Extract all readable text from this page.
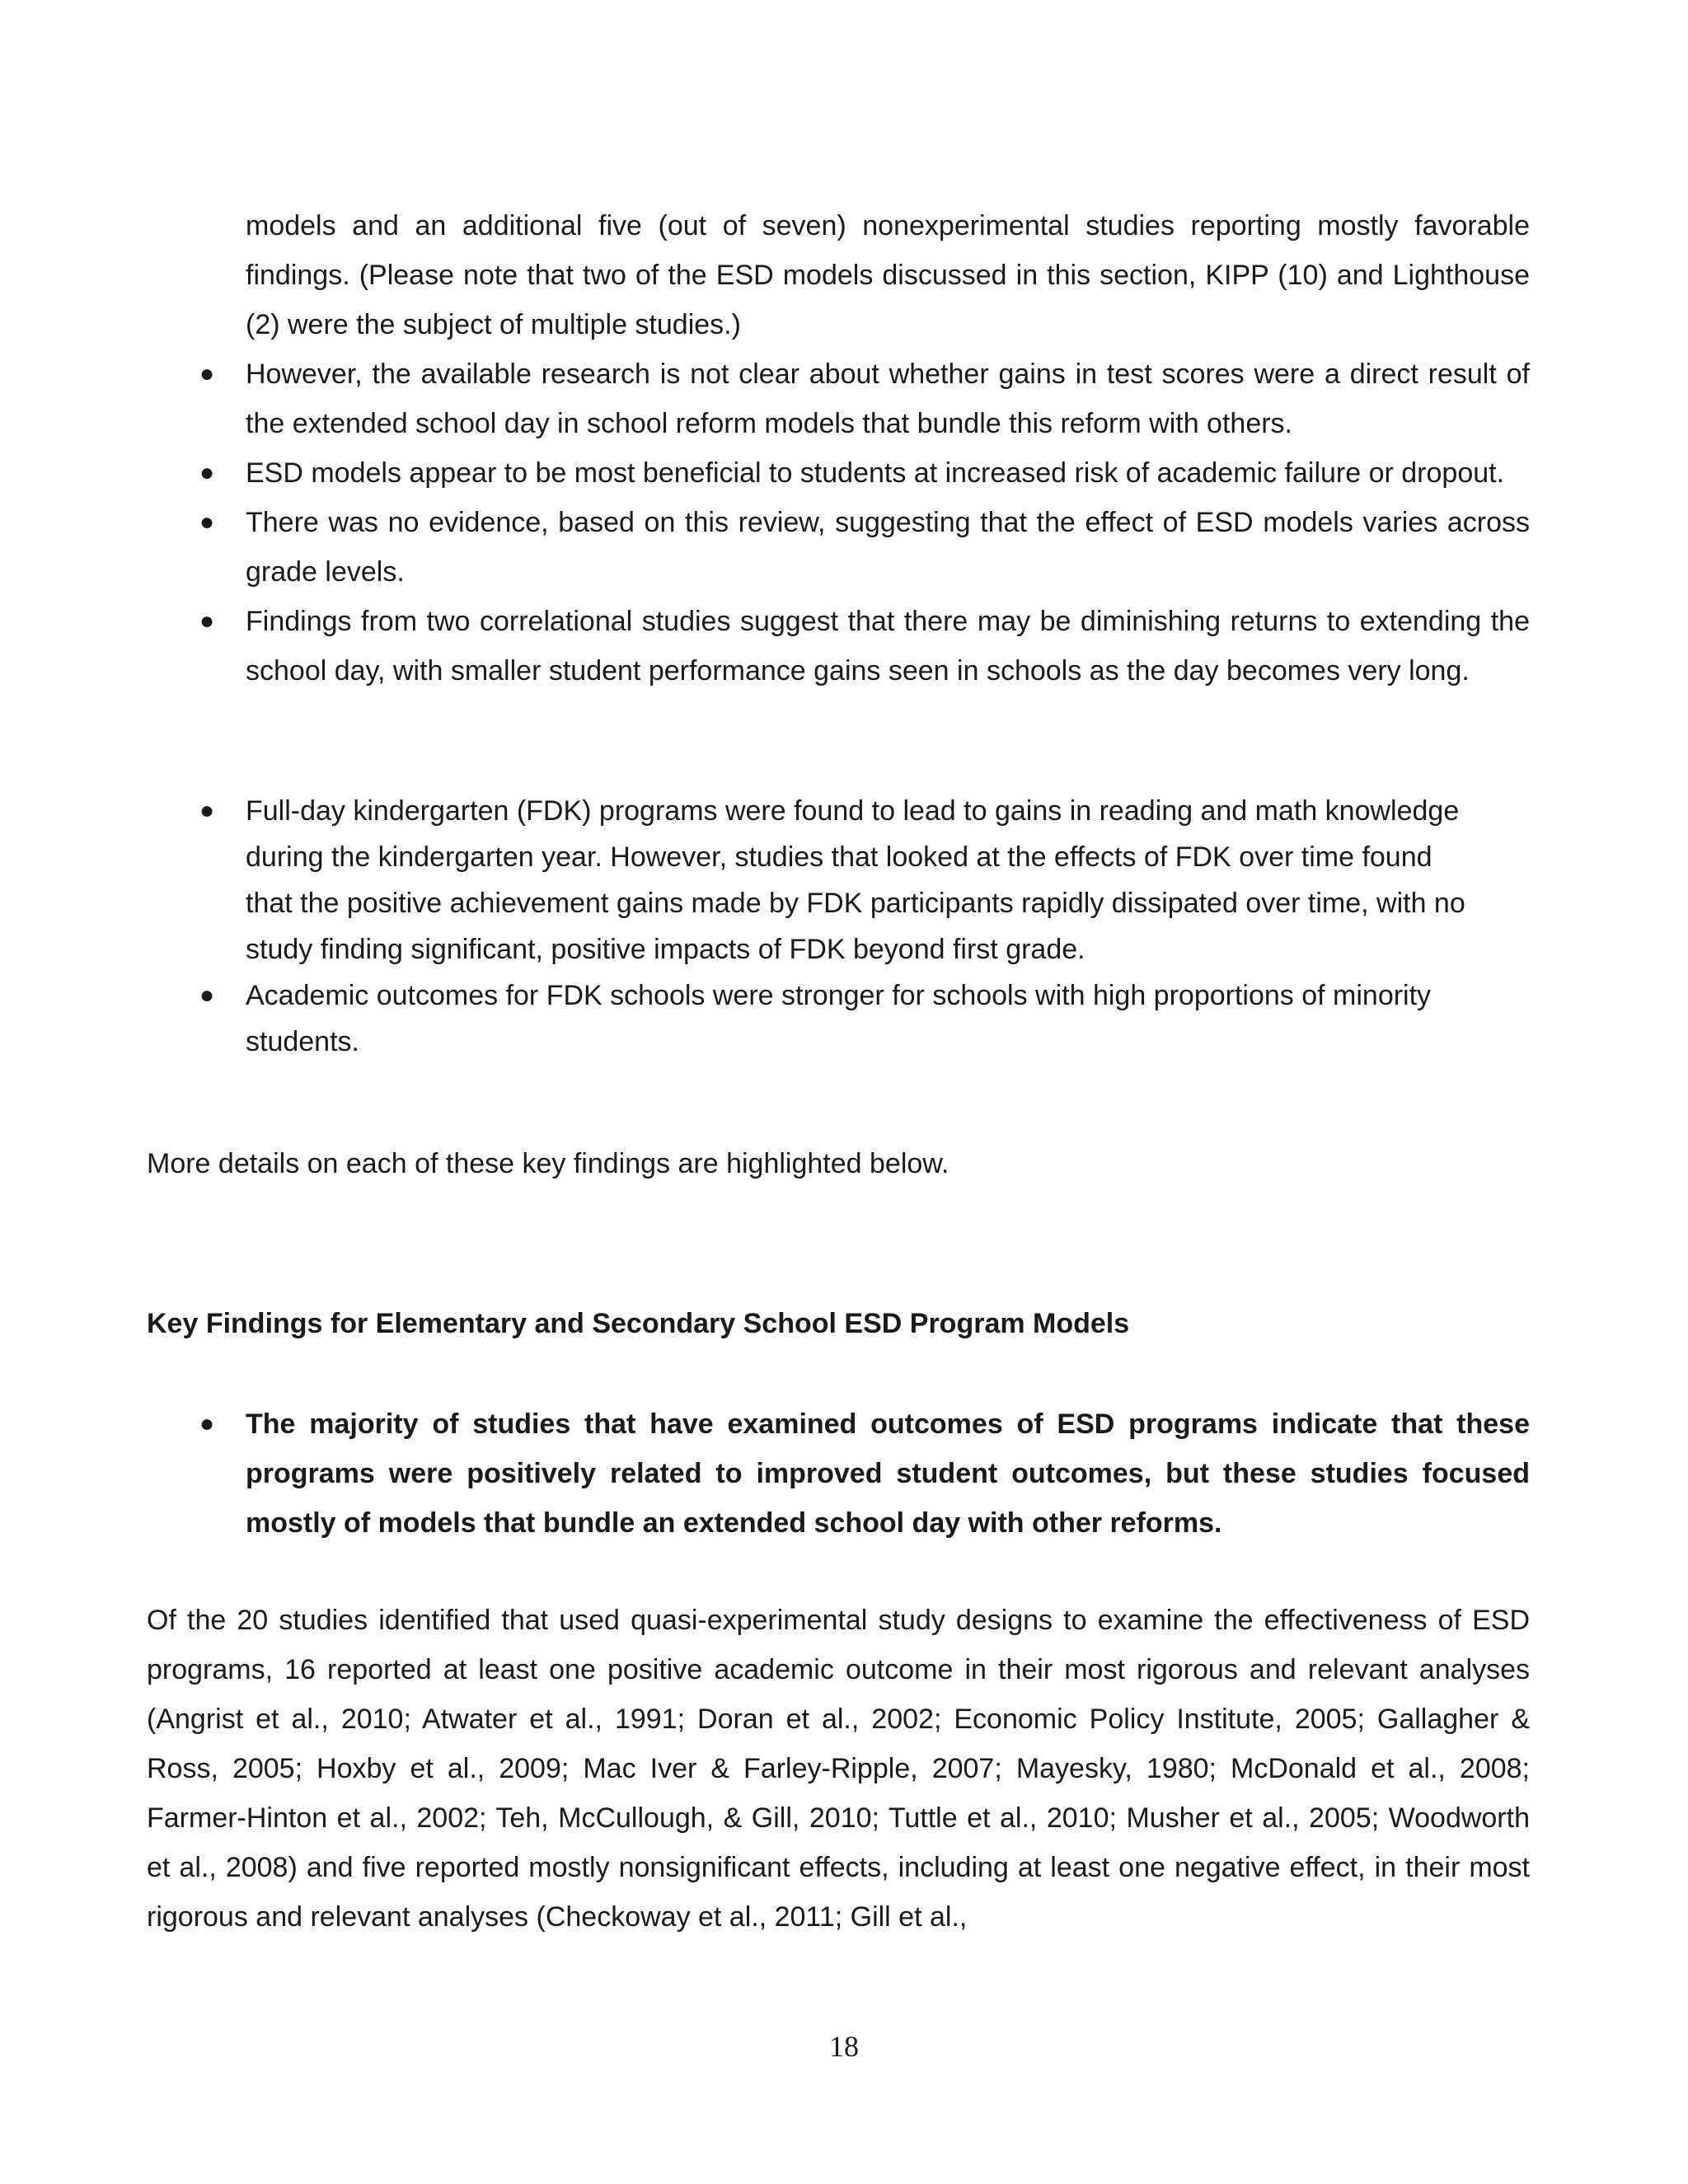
models and an additional five (out of seven) nonexperimental studies reporting mostly favorable findings. (Please note that two of the ESD models discussed in this section, KIPP (10) and Lighthouse (2) were the subject of multiple studies.)
● However, the available research is not clear about whether gains in test scores were a direct result of the extended school day in school reform models that bundle this reform with others.
● ESD models appear to be most beneficial to students at increased risk of academic failure or dropout.
● There was no evidence, based on this review, suggesting that the effect of ESD models varies across grade levels.
● Findings from two correlational studies suggest that there may be diminishing returns to extending the school day, with smaller student performance gains seen in schools as the day becomes very long.
● Full-day kindergarten (FDK) programs were found to lead to gains in reading and math knowledge during the kindergarten year. However, studies that looked at the effects of FDK over time found that the positive achievement gains made by FDK participants rapidly dissipated over time, with no study finding significant, positive impacts of FDK beyond first grade.
● Academic outcomes for FDK schools were stronger for schools with high proportions of minority students.
More details on each of these key findings are highlighted below.
Key Findings for Elementary and Secondary School ESD Program Models
● The majority of studies that have examined outcomes of ESD programs indicate that these programs were positively related to improved student outcomes, but these studies focused mostly of models that bundle an extended school day with other reforms.
Of the 20 studies identified that used quasi-experimental study designs to examine the effectiveness of ESD programs, 16 reported at least one positive academic outcome in their most rigorous and relevant analyses (Angrist et al., 2010; Atwater et al., 1991; Doran et al., 2002; Economic Policy Institute, 2005; Gallagher & Ross, 2005; Hoxby et al., 2009; Mac Iver & Farley-Ripple, 2007; Mayesky, 1980; McDonald et al., 2008; Farmer-Hinton et al., 2002; Teh, McCullough, & Gill, 2010; Tuttle et al., 2010; Musher et al., 2005; Woodworth et al., 2008) and five reported mostly nonsignificant effects, including at least one negative effect, in their most rigorous and relevant analyses (Checkoway et al., 2011; Gill et al.,
18
